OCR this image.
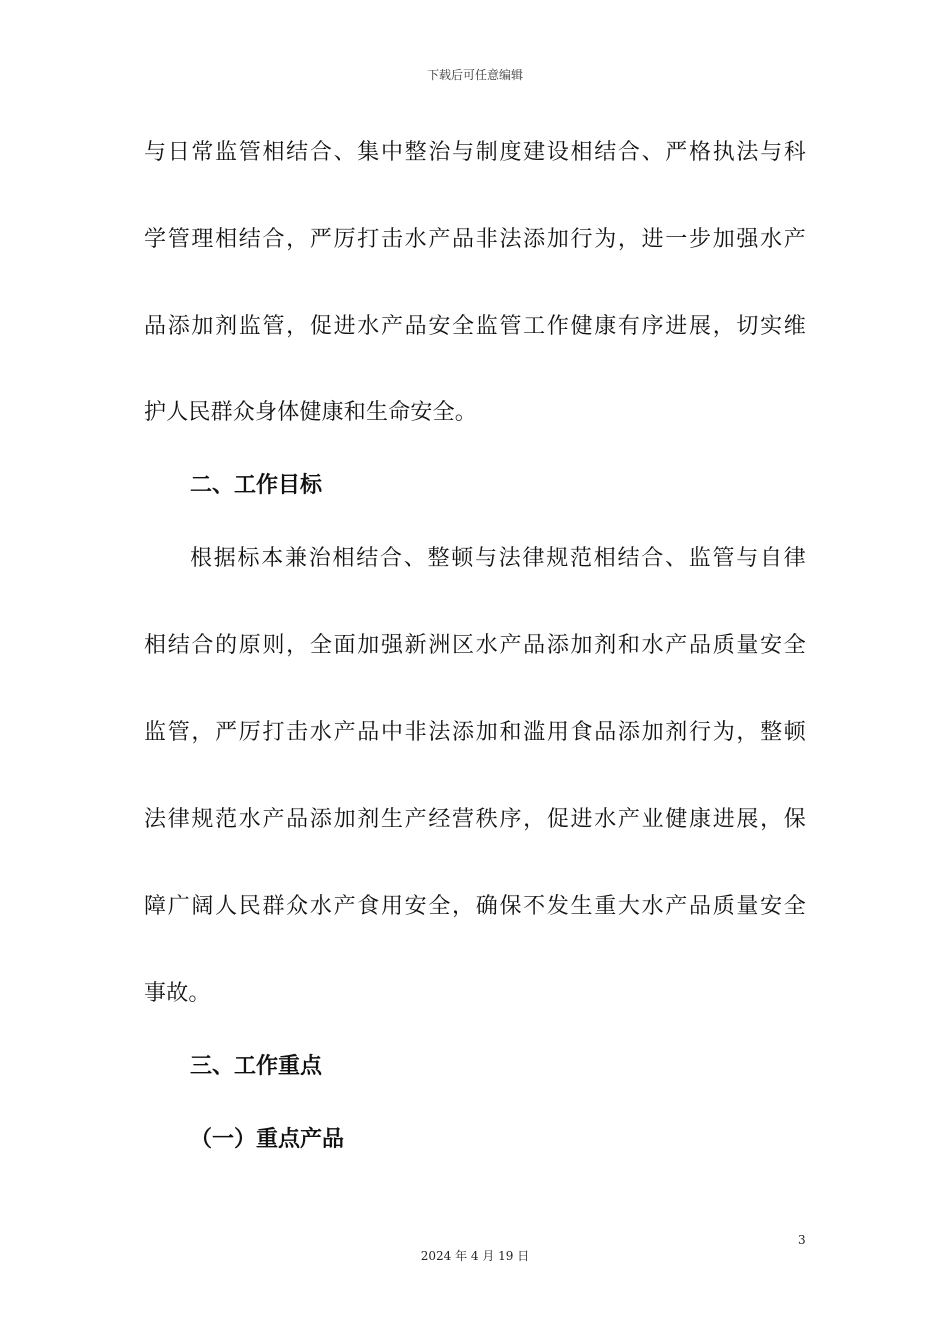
下载后可任意编辑
与日常监管相结合、集中整治与制度建设相结合、严格执法与科
学管理相结合，严厉打击水产品非法添加行为，进一步加强水产
品添加剂监管，促进水产品安全监管工作健康有序进展，切实维
护人民群众身体健康和生命安全。
二、工作目标
根据标本兼治相结合、整顿与法律规范相结合、监管与自律
相结合的原则，全面加强新洲区水产品添加剂和水产品质量安全
监管，严厉打击水产品中非法添加和滥用食品添加剂行为，整顿
法律规范水产品添加剂生产经营秩序，促进水产业健康进展，保
障广阔人民群众水产食用安全，确保不发生重大水产品质量安全
事故。
三、工作重点
（一）重点产品
3
2024 年 4 月 19 日
